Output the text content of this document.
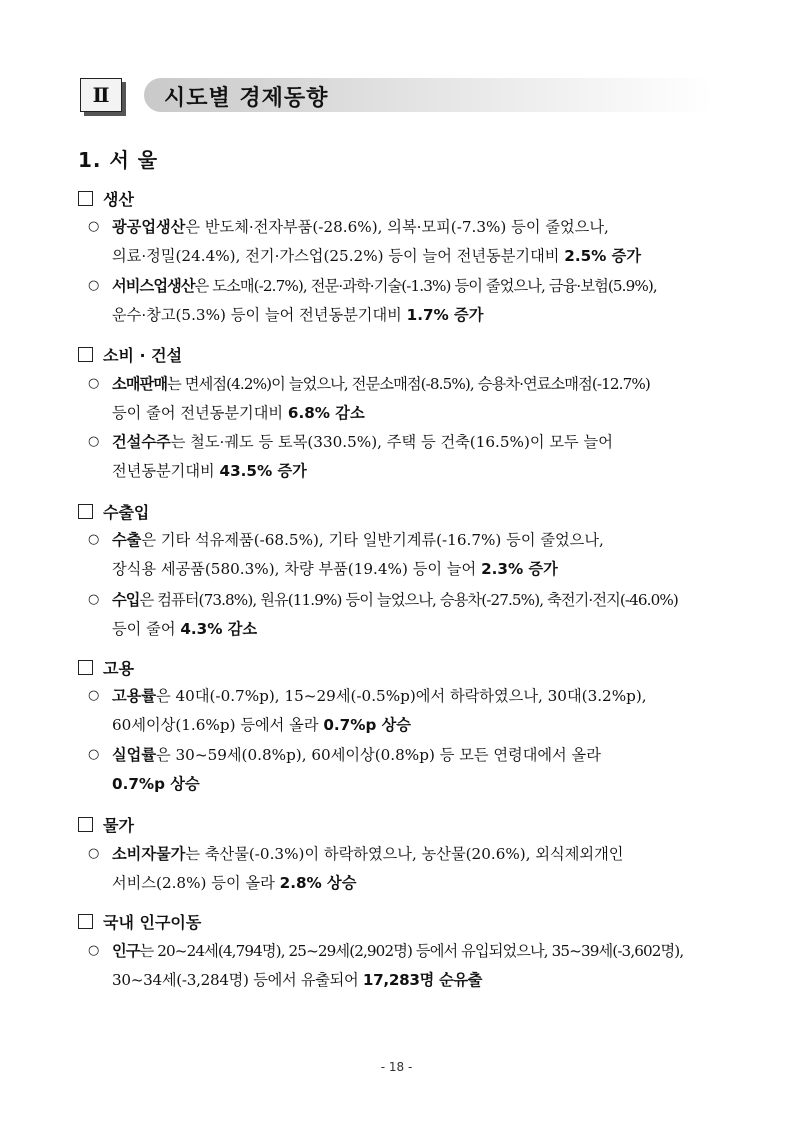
Ⅱ	시도별 경제동향
1. 서 울
생산
○ 광공업생산은 반도체·전자부품(-28.6%), 의복·모피(-7.3%) 등이 줄었으나,
의료·정밀(24.4%), 전기·가스업(25.2%) 등이 늘어 전년동분기대비 2.5% 증가
○ 서비스업생산은 도소매(-2.7%), 전문·과학·기술(-1.3%) 등이 줄었으나, 금융·보험(5.9%),
운수·창고(5.3%) 등이 늘어 전년동분기대비 1.7% 증가
소비 · 건설
○ 소매판매는 면세점(4.2%)이 늘었으나, 전문소매점(-8.5%), 승용차·연료소매점(-12.7%)
등이 줄어 전년동분기대비 6.8% 감소
○ 건설수주는 철도·궤도 등 토목(330.5%), 주택 등 건축(16.5%)이 모두 늘어
전년동분기대비 43.5% 증가
수출입
○ 수출은 기타 석유제품(-68.5%), 기타 일반기계류(-16.7%) 등이 줄었으나,
장식용 세공품(580.3%), 차량 부품(19.4%) 등이 늘어 2.3% 증가
○ 수입은 컴퓨터(73.8%), 원유(11.9%) 등이 늘었으나, 승용차(-27.5%), 축전기·전지(-46.0%)
등이 줄어 4.3% 감소
고용
○ 고용률은 40대(-0.7%p), 15~29세(-0.5%p)에서 하락하였으나, 30대(3.2%p),
60세이상(1.6%p) 등에서 올라 0.7%p 상승
○ 실업률은 30~59세(0.8%p), 60세이상(0.8%p) 등 모든 연령대에서 올라
0.7%p 상승
물가
○ 소비자물가는 축산물(-0.3%)이 하락하였으나, 농산물(20.6%), 외식제외개인
서비스(2.8%) 등이 올라 2.8% 상승
국내 인구이동
○ 인구는 20~24세(4,794명), 25~29세(2,902명) 등에서 유입되었으나, 35~39세(-3,602명),
30~34세(-3,284명) 등에서 유출되어 17,283명 순유출
- 18 -
